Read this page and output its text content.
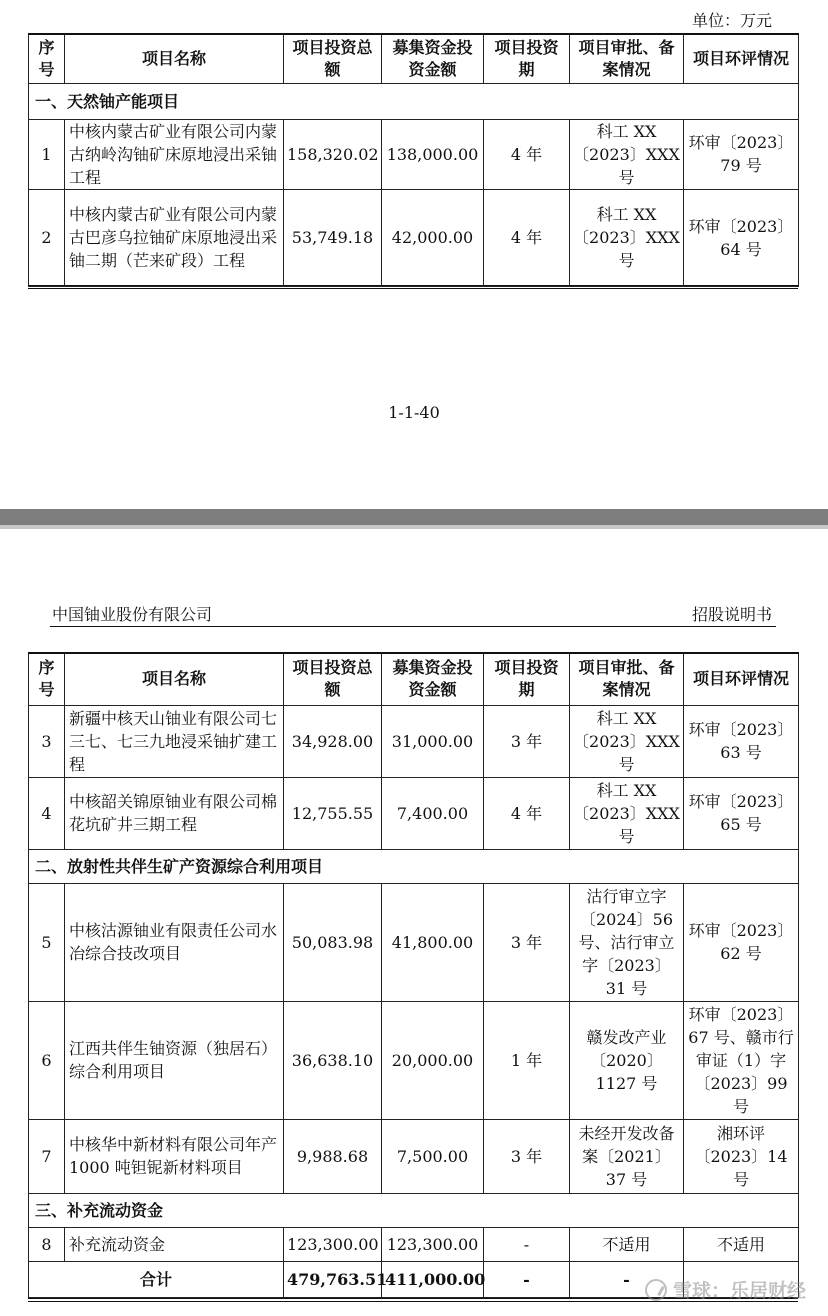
单位：万元
序号	项目名称	项目投资总额	募集资金投资金额	项目投资期	项目审批、备案情况	项目环评情况
一、天然铀产能项目						
1	中核内蒙古矿业有限公司内蒙古纳岭沟铀矿床原地浸出采铀工程	158,320.02	138,000.00	4 年	科工 XX〔2023〕XXX 号	环审〔2023〕79 号
2	中核内蒙古矿业有限公司内蒙古巴彦乌拉铀矿床原地浸出采铀二期（芒来矿段）工程	53,749.18	42,000.00	4 年	科工 XX〔2023〕XXX 号	环审〔2023〕64 号
1-1-40
中国铀业股份有限公司	招股说明书
序号	项目名称	项目投资总额	募集资金投资金额	项目投资期	项目审批、备案情况	项目环评情况
3	新疆中核天山铀业有限公司七三七、七三九地浸采铀扩建工程	34,928.00	31,000.00	3 年	科工 XX〔2023〕XXX 号	环审〔2023〕63 号
4	中核韶关锦原铀业有限公司棉花坑矿井三期工程	12,755.55	7,400.00	4 年	科工 XX〔2023〕XXX 号	环审〔2023〕65 号
二、放射性共伴生矿产资源综合利用项目						
5	中核沽源铀业有限责任公司水冶综合技改项目	50,083.98	41,800.00	3 年	沽行审立字〔2024〕56 号、沽行审立字〔2023〕31 号	环审〔2023〕62 号
6	江西共伴生铀资源（独居石）综合利用项目	36,638.10	20,000.00	1 年	赣发改产业〔2020〕1127 号	环审〔2023〕67 号、赣市行审证（1）字〔2023〕99 号
7	中核华中新材料有限公司年产 1000 吨钽铌新材料项目	9,988.68	7,500.00	3 年	未经开发改备案〔2021〕37 号	湘环评〔2023〕14 号
三、补充流动资金						
8	补充流动资金	123,300.00	123,300.00	-	不适用	不适用
合计		479,763.51	411,000.00	-	-	
雪球：乐居财经
